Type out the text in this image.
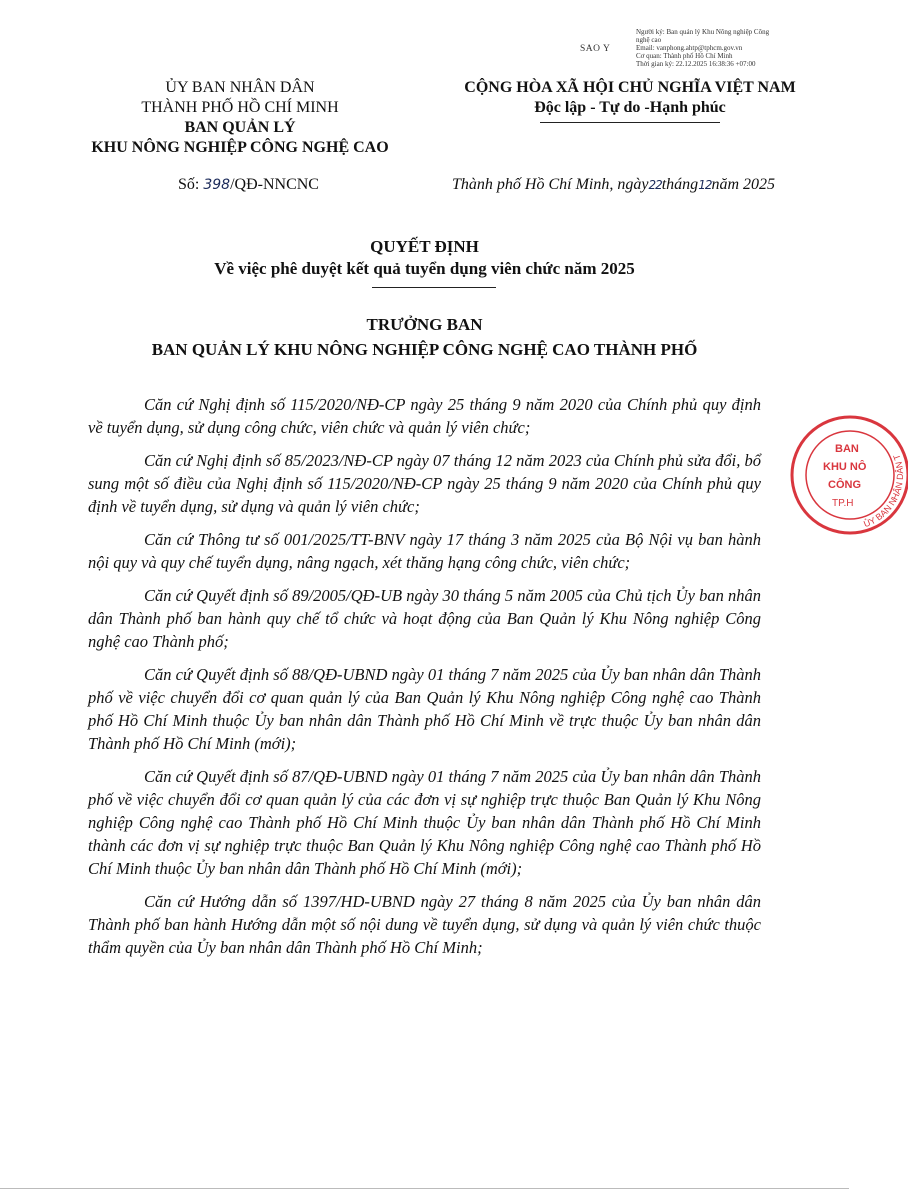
Người ký: Ban quản lý Khu Nông nghiệp Công
nghệ cao
Email: vanphong.ahtp@tphcm.gov.vn
Cơ quan: Thành phố Hồ Chí Minh
Thời gian ký: 22.12.2025 16:38:36 +07:00
SAO Y
ỦY BAN NHÂN DÂN
THÀNH PHỐ HỒ CHÍ MINH
BAN QUẢN LÝ
KHU NÔNG NGHIỆP CÔNG NGHỆ CAO
CỘNG HÒA XÃ HỘI CHỦ NGHĨA VIỆT NAM
Độc lập - Tự do -Hạnh phúc
Số: 398/QĐ-NNCNC	Thành phố Hồ Chí Minh, ngày22tháng12năm 2025
QUYẾT ĐỊNH
Về việc phê duyệt kết quả tuyển dụng viên chức năm 2025
TRƯỞNG BAN
BAN QUẢN LÝ KHU NÔNG NGHIỆP CÔNG NGHỆ CAO THÀNH PHỐ

Căn cứ Nghị định số 115/2020/NĐ-CP ngày 25 tháng 9 năm 2020 của Chính phủ quy định về tuyển dụng, sử dụng công chức, viên chức và quản lý viên chức;

Căn cứ Nghị định số 85/2023/NĐ-CP ngày 07 tháng 12 năm 2023 của Chính phủ sửa đổi, bổ sung một số điều của Nghị định số 115/2020/NĐ-CP ngày 25 tháng 9 năm 2020 của Chính phủ quy định về tuyển dụng, sử dụng và quản lý viên chức;

Căn cứ Thông tư số 001/2025/TT-BNV ngày 17 tháng 3 năm 2025 của Bộ Nội vụ ban hành nội quy và quy chế tuyển dụng, nâng ngạch, xét thăng hạng công chức, viên chức;

Căn cứ Quyết định số 89/2005/QĐ-UB ngày 30 tháng 5 năm 2005 của Chủ tịch Ủy ban nhân dân Thành phố ban hành quy chế tổ chức và hoạt động của Ban Quản lý Khu Nông nghiệp Công nghệ cao Thành phố;

Căn cứ Quyết định số 88/QĐ-UBND ngày 01 tháng 7 năm 2025 của Ủy ban nhân dân Thành phố về việc chuyển đổi cơ quan quản lý của Ban Quản lý Khu Nông nghiệp Công nghệ cao Thành phố Hồ Chí Minh thuộc Ủy ban nhân dân Thành phố Hồ Chí Minh về trực thuộc Ủy ban nhân dân Thành phố Hồ Chí Minh (mới);

Căn cứ Quyết định số 87/QĐ-UBND ngày 01 tháng 7 năm 2025 của Ủy ban nhân dân Thành phố về việc chuyển đổi cơ quan quản lý của các đơn vị sự nghiệp trực thuộc Ban Quản lý Khu Nông nghiệp Công nghệ cao Thành phố Hồ Chí Minh thuộc Ủy ban nhân dân Thành phố Hồ Chí Minh thành các đơn vị sự nghiệp trực thuộc Ban Quản lý Khu Nông nghiệp Công nghệ cao Thành phố Hồ Chí Minh thuộc Ủy ban nhân dân Thành phố Hồ Chí Minh (mới);

Căn cứ Hướng dẫn số 1397/HD-UBND ngày 27 tháng 8 năm 2025 của Ủy ban nhân dân Thành phố ban hành Hướng dẫn một số nội dung về tuyển dụng, sử dụng và quản lý viên chức thuộc thẩm quyền của Ủy ban nhân dân Thành phố Hồ Chí Minh;

ỦY BAN NHÂN DÂN T
BAN
KHU NÔ
CÔNG
TP.H
